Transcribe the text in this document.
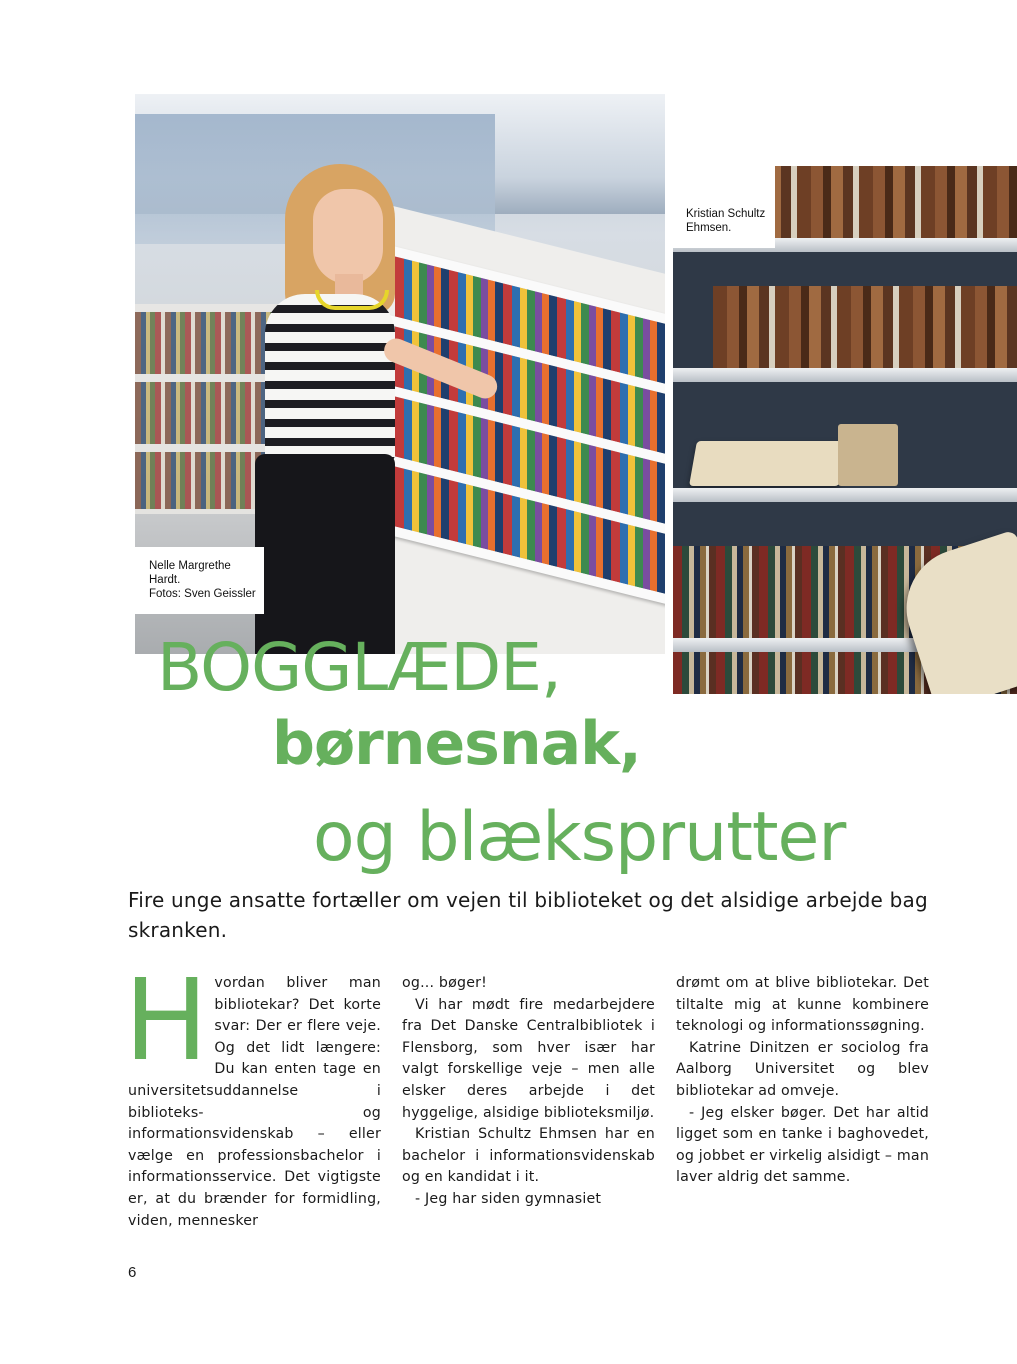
Nelle Margrethe
Hardt.
Fotos: Sven Geissler
Kristian Schultz
Ehmsen.
BOGGLÆDE,
børnesnak,
og blæksprutter
Fire unge ansatte fortæller om vejen til biblioteket og det alsidige arbejde bag skranken.
H vordan bliver man bibliotekar? Det korte svar: Der er flere veje. Og det lidt længere: Du kan enten tage en universitetsuddannelse i biblioteks- og informationsvidenskab – eller vælge en professionsbachelor i informationsservice. Det vigtigste er, at du brænder for formidling, viden, mennesker

og... bøger!

Vi har mødt fire medarbejdere fra Det Danske Centralbibliotek i Flensborg, som hver især har valgt forskellige veje – men alle elsker deres arbejde i det hyggelige, alsidige biblioteksmiljø.

Kristian Schultz Ehmsen har en bachelor i informationsvidenskab og en kandidat i it.

- Jeg har siden gymnasiet

drømt om at blive bibliotekar. Det tiltalte mig at kunne kombinere teknologi og informationssøgning.

Katrine Dinitzen er sociolog fra Aalborg Universitet og blev bibliotekar ad omveje.

- Jeg elsker bøger. Det har altid ligget som en tanke i baghovedet, og jobbet er virkelig alsidigt – man laver aldrig det samme.

6
